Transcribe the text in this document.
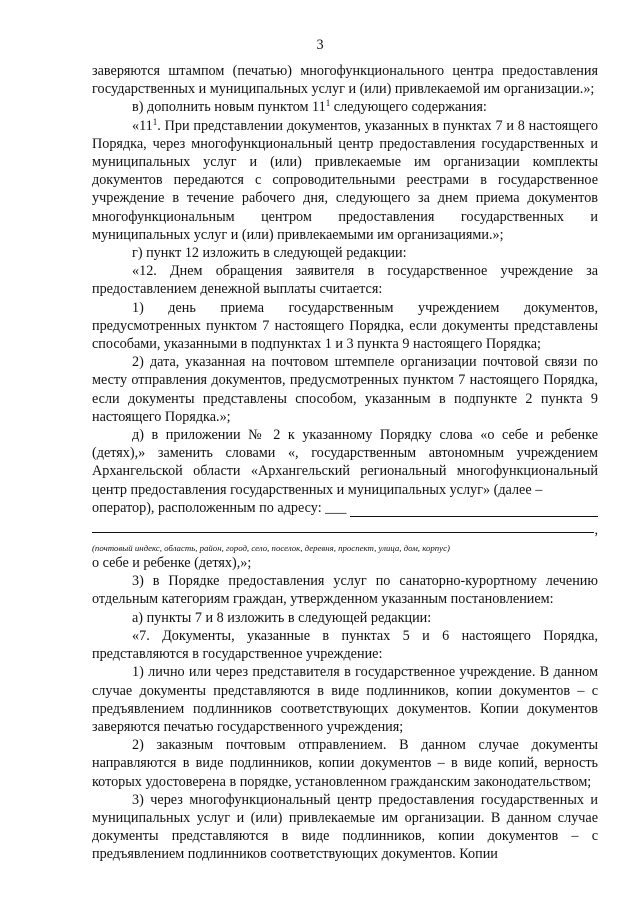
3

заверяются штампом (печатью) многофункционального центра предоставления государственных и муниципальных услуг и (или) привлекаемой им организации.»;

в) дополнить новым пунктом $11^1$ следующего содержания:

«$11^1$. При представлении документов, указанных в пунктах 7 и 8 настоящего Порядка, через многофункциональный центр предоставления государственных и муниципальных услуг и (или) привлекаемые им организации комплекты документов передаются с сопроводительными реестрами в государственное учреждение в течение рабочего дня, следующего за днем приема документов многофункциональным центром предоставления государственных и муниципальных услуг и (или) привлекаемыми им организациями.»;

г) пункт 12 изложить в следующей редакции:

«12. Днем обращения заявителя в государственное учреждение за предоставлением денежной выплаты считается:

1) день приема государственным учреждением документов, предусмотренных пунктом 7 настоящего Порядка, если документы представлены способами, указанными в подпунктах 1 и 3 пункта 9 настоящего Порядка;

2) дата, указанная на почтовом штемпеле организации почтовой связи по месту отправления документов, предусмотренных пунктом 7 настоящего Порядка, если документы представлены способом, указанным в подпункте 2 пункта 9 настоящего Порядка.»;

д) в приложении № 2 к указанному Порядку слова «о себе и ребенке (детях),» заменить словами «, государственным автономным учреждением Архангельской области «Архангельский региональный многофункциональный центр предоставления государственных и муниципальных услуг» (далее –

оператор), расположенным по адресу: ___
,

(почтовый индекс, область, район, город, село, поселок, деревня, проспект, улица, дом, корпус)

о себе и ребенке (детях),»;

3) в Порядке предоставления услуг по санаторно-курортному лечению отдельным категориям граждан, утвержденном указанным постановлением:

а) пункты 7 и 8 изложить в следующей редакции:

«7. Документы, указанные в пунктах 5 и 6 настоящего Порядка, представляются в государственное учреждение:

1) лично или через представителя в государственное учреждение. В данном случае документы представляются в виде подлинников, копии документов – с предъявлением подлинников соответствующих документов. Копии документов заверяются печатью государственного учреждения;

2) заказным почтовым отправлением. В данном случае документы направляются в виде подлинников, копии документов – в виде копий, верность которых удостоверена в порядке, установленном гражданским законодательством;

3) через многофункциональный центр предоставления государственных и муниципальных услуг и (или) привлекаемые им организации. В данном случае документы представляются в виде подлинников, копии документов – с предъявлением подлинников соответствующих документов. Копии
